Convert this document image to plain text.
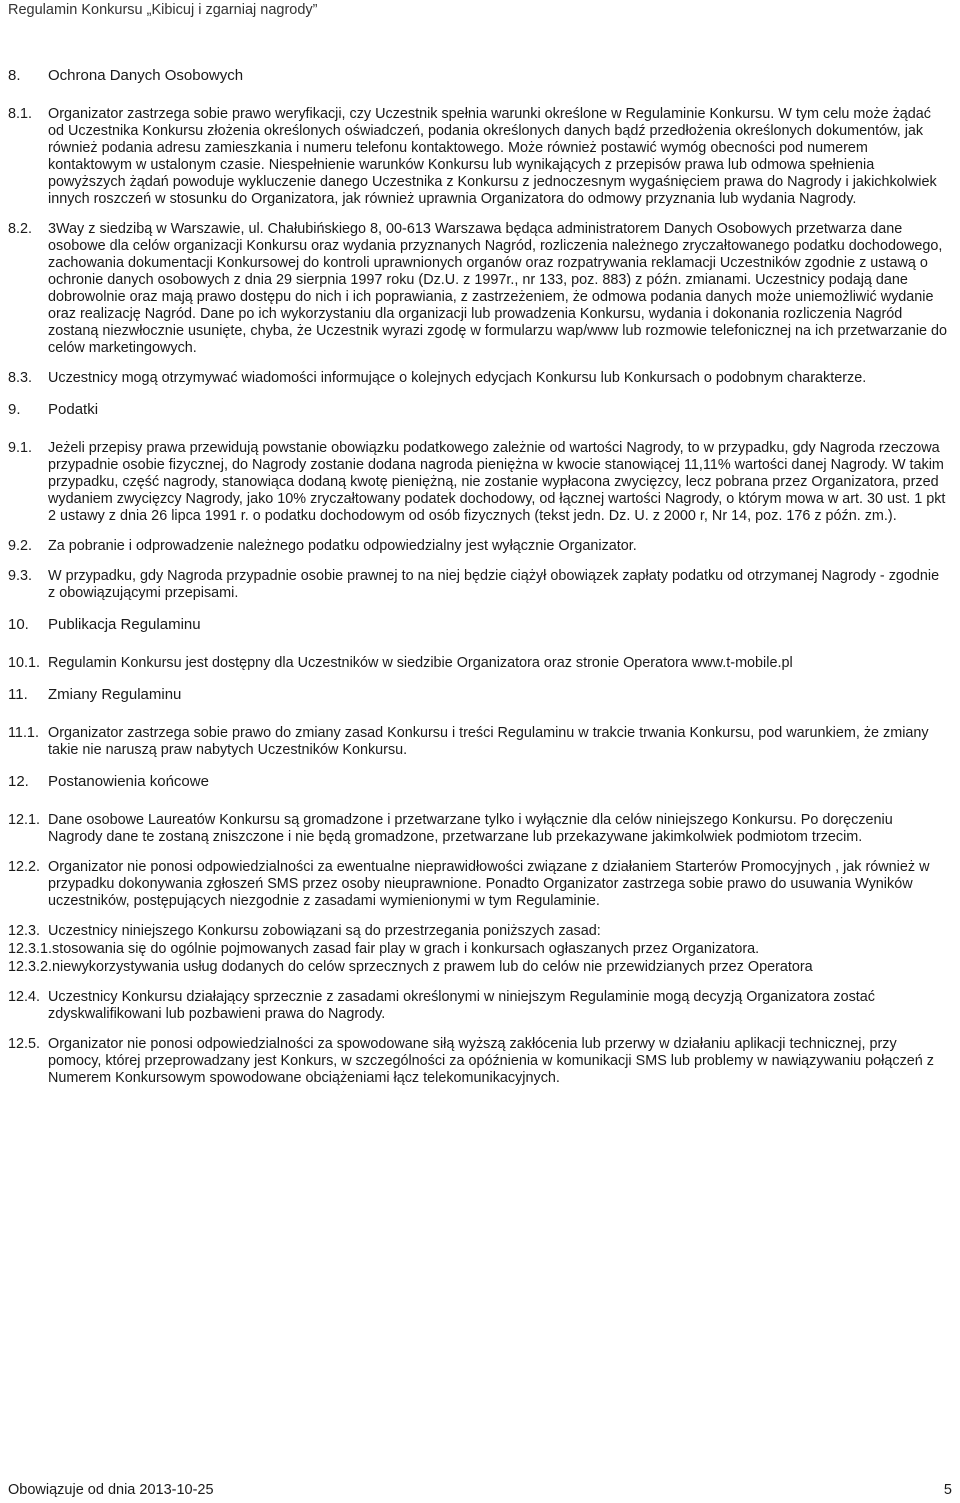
Regulamin Konkursu „Kibicuj i zgarniaj nagrody”
8.	Ochrona Danych Osobowych
8.1.	Organizator zastrzega sobie prawo weryfikacji, czy Uczestnik spełnia warunki określone w Regulaminie Konkursu. W tym celu może żądać od Uczestnika Konkursu złożenia określonych oświadczeń, podania określonych danych bądź przedłożenia określonych dokumentów, jak również podania adresu zamieszkania i numeru telefonu kontaktowego. Może również postawić wymóg obecności pod numerem kontaktowym w ustalonym czasie. Niespełnienie warunków Konkursu lub wynikających z przepisów prawa lub odmowa spełnienia powyższych żądań powoduje wykluczenie danego Uczestnika z Konkursu z jednoczesnym wygaśnięciem prawa do Nagrody i jakichkolwiek innych roszczeń w stosunku do Organizatora, jak również uprawnia Organizatora do odmowy przyznania lub wydania Nagrody.
8.2.	3Way z siedzibą w Warszawie, ul. Chałubińskiego 8, 00-613 Warszawa będąca administratorem Danych Osobowych przetwarza dane osobowe dla celów organizacji Konkursu oraz wydania przyznanych Nagród, rozliczenia należnego zryczałtowanego podatku dochodowego, zachowania dokumentacji Konkursowej do kontroli uprawnionych organów oraz rozpatrywania reklamacji Uczestników zgodnie z ustawą o ochronie danych osobowych z dnia 29 sierpnia 1997 roku (Dz.U. z 1997r., nr 133, poz. 883) z późn. zmianami. Uczestnicy podają dane dobrowolnie oraz mają prawo dostępu do nich i ich poprawiania, z zastrzeżeniem, że odmowa podania danych może uniemożliwić wydanie oraz realizację Nagród. Dane po ich wykorzystaniu dla organizacji lub prowadzenia Konkursu, wydania i dokonania rozliczenia Nagród zostaną niezwłocznie usunięte, chyba, że Uczestnik wyrazi zgodę w formularzu wap/www lub rozmowie telefonicznej na ich przetwarzanie do celów marketingowych.
8.3.	Uczestnicy mogą otrzymywać wiadomości informujące o kolejnych edycjach Konkursu lub Konkursach o podobnym charakterze.
9.	Podatki
9.1.	Jeżeli przepisy prawa przewidują powstanie obowiązku podatkowego zależnie od wartości Nagrody, to w przypadku, gdy Nagroda rzeczowa przypadnie osobie fizycznej, do Nagrody zostanie dodana nagroda pieniężna w kwocie stanowiącej 11,11% wartości danej Nagrody. W takim przypadku, część nagrody, stanowiąca dodaną kwotę pieniężną, nie zostanie wypłacona zwycięzcy, lecz pobrana przez Organizatora, przed wydaniem zwycięzcy Nagrody, jako 10% zryczałtowany podatek dochodowy, od łącznej wartości Nagrody, o którym mowa w art. 30 ust. 1 pkt 2 ustawy z dnia 26 lipca 1991 r. o podatku dochodowym od osób fizycznych (tekst jedn. Dz. U. z 2000 r, Nr 14, poz. 176 z późn. zm.).
9.2.	Za pobranie i odprowadzenie należnego podatku odpowiedzialny jest wyłącznie Organizator.
9.3.	W przypadku, gdy Nagroda przypadnie osobie prawnej to na niej będzie ciążył obowiązek zapłaty podatku od otrzymanej Nagrody - zgodnie z obowiązującymi przepisami.
10.	Publikacja Regulaminu
10.1. Regulamin Konkursu jest dostępny dla Uczestników w siedzibie Organizatora oraz stronie Operatora www.t-mobile.pl
11.	Zmiany Regulaminu
11.1. Organizator zastrzega sobie prawo do zmiany zasad Konkursu i treści Regulaminu w trakcie trwania Konkursu, pod warunkiem, że zmiany takie nie naruszą praw nabytych Uczestników Konkursu.
12.	Postanowienia końcowe
12.1. Dane osobowe Laureatów Konkursu są gromadzone i przetwarzane tylko i wyłącznie dla celów niniejszego Konkursu. Po doręczeniu Nagrody dane te zostaną zniszczone i nie będą gromadzone, przetwarzane lub przekazywane jakimkolwiek podmiotom trzecim.
12.2. Organizator nie ponosi odpowiedzialności za ewentualne nieprawidłowości związane z działaniem Starterów Promocyjnych , jak również w przypadku dokonywania zgłoszeń SMS przez osoby nieuprawnione. Ponadto Organizator zastrzega sobie prawo do usuwania Wyników uczestników, postępujących niezgodnie z zasadami wymienionymi w tym Regulaminie.
12.3. Uczestnicy niniejszego Konkursu zobowiązani są do przestrzegania poniższych zasad:
12.3.1. stosowania się do ogólnie pojmowanych zasad fair play w grach i konkursach ogłaszanych przez Organizatora.
12.3.2. niewykorzystywania usług dodanych do celów sprzecznych z prawem lub do celów nie przewidzianych przez Operatora
12.4. Uczestnicy Konkursu działający sprzecznie z zasadami określonymi w niniejszym Regulaminie mogą decyzją Organizatora zostać zdyskwalifikowani lub pozbawieni prawa do Nagrody.
12.5. Organizator nie ponosi odpowiedzialności za spowodowane siłą wyższą zakłócenia lub przerwy w działaniu aplikacji technicznej, przy pomocy, której przeprowadzany jest Konkurs, w szczególności za opóźnienia w komunikacji SMS lub problemy w nawiązywaniu połączeń z Numerem Konkursowym spowodowane obciążeniami łącz telekomunikacyjnych.
Obowiązuje od dnia 2013-10-25	5
